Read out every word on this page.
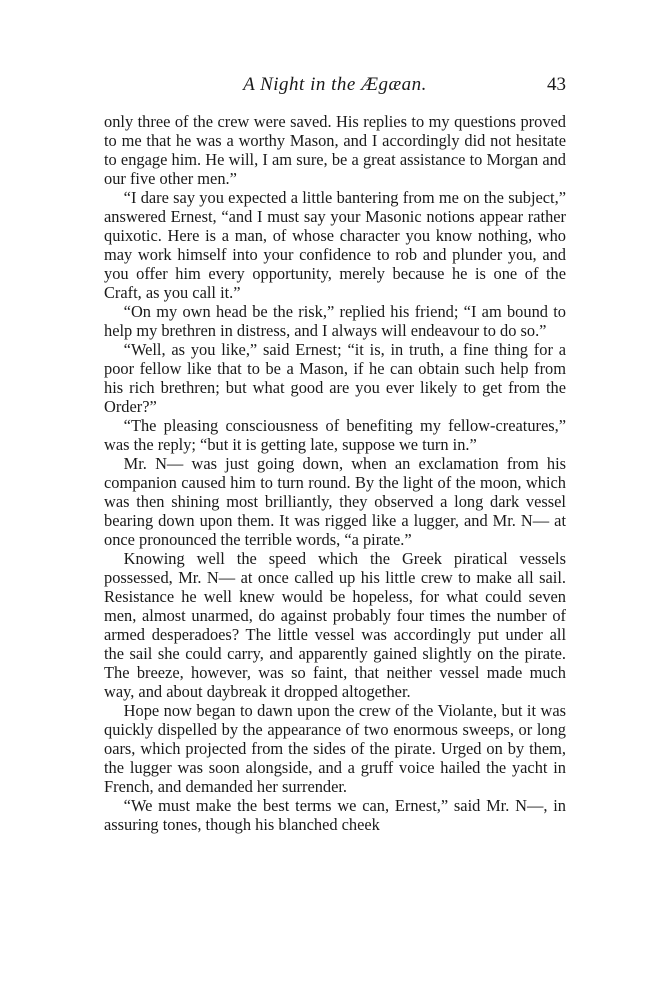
A Night in the Ægæan.	43

only three of the crew were saved. His replies to my questions proved to me that he was a worthy Mason, and I accordingly did not hesitate to engage him. He will, I am sure, be a great assistance to Morgan and our five other men.”

“I dare say you expected a little bantering from me on the subject,” answered Ernest, “and I must say your Masonic notions appear rather quixotic. Here is a man, of whose character you know nothing, who may work himself into your confidence to rob and plunder you, and you offer him every opportunity, merely because he is one of the Craft, as you call it.”

“On my own head be the risk,” replied his friend; “I am bound to help my brethren in distress, and I always will endeavour to do so.”

“Well, as you like,” said Ernest; “it is, in truth, a fine thing for a poor fellow like that to be a Mason, if he can obtain such help from his rich brethren; but what good are you ever likely to get from the Order?”

“The pleasing consciousness of benefiting my fellow-creatures,” was the reply; “but it is getting late, suppose we turn in.”

Mr. N— was just going down, when an exclamation from his companion caused him to turn round. By the light of the moon, which was then shining most brilliantly, they observed a long dark vessel bearing down upon them. It was rigged like a lugger, and Mr. N— at once pronounced the terrible words, “a pirate.”

Knowing well the speed which the Greek piratical vessels possessed, Mr. N— at once called up his little crew to make all sail. Resistance he well knew would be hopeless, for what could seven men, almost unarmed, do against probably four times the number of armed desperadoes? The little vessel was accordingly put under all the sail she could carry, and apparently gained slightly on the pirate. The breeze, however, was so faint, that neither vessel made much way, and about daybreak it dropped altogether.

Hope now began to dawn upon the crew of the Violante, but it was quickly dispelled by the appearance of two enormous sweeps, or long oars, which projected from the sides of the pirate. Urged on by them, the lugger was soon alongside, and a gruff voice hailed the yacht in French, and demanded her surrender.

“We must make the best terms we can, Ernest,” said Mr. N—, in assuring tones, though his blanched cheek
